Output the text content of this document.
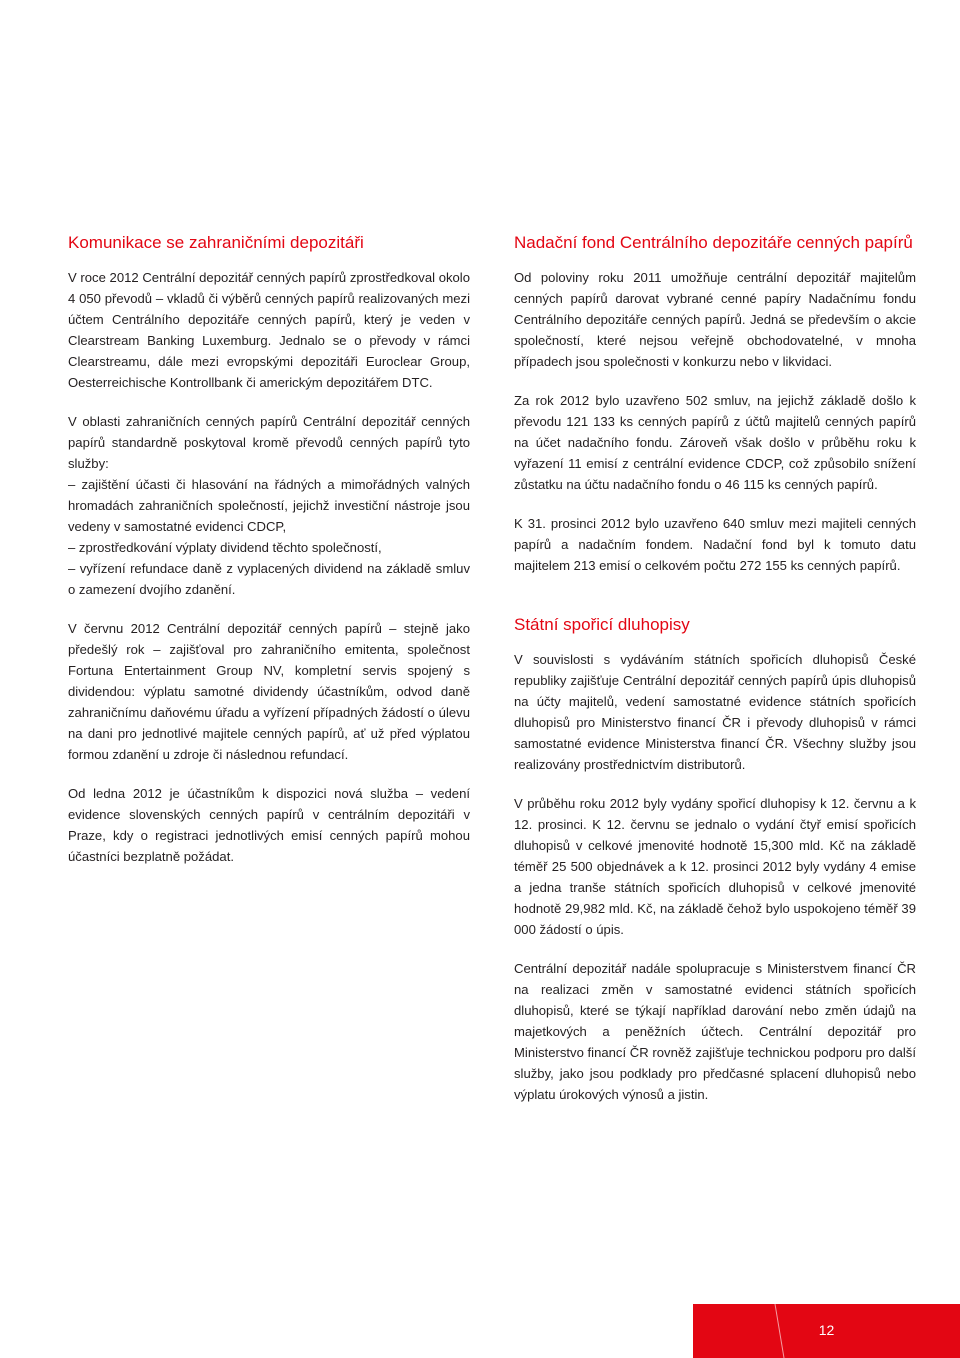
Komunikace se zahraničními depozitáři

V roce 2012 Centrální depozitář cenných papírů zprostředkoval okolo 4 050 převodů – vkladů či výběrů cenných papírů realizovaných mezi účtem Centrálního depozitáře cenných papírů, který je veden v Clearstream Banking Luxemburg. Jednalo se o převody v rámci Clearstreamu, dále mezi evropskými depozitáři Euroclear Group, Oesterreichische Kontrollbank či americkým depozitářem DTC.

V oblasti zahraničních cenných papírů Centrální depozitář cenných papírů standardně poskytoval kromě převodů cenných papírů tyto služby:

– zajištění účasti či hlasování na řádných a mimořádných valných hromadách zahraničních společností, jejichž investiční nástroje jsou vedeny v samostatné evidenci CDCP,
– zprostředkování výplaty dividend těchto společností,
– vyřízení refundace daně z vyplacených dividend na základě smluv o zamezení dvojího zdanění.

V červnu 2012 Centrální depozitář cenných papírů – stejně jako předešlý rok – zajišťoval pro zahraničního emitenta, společnost Fortuna Entertainment Group NV, kompletní servis spojený s dividendou: výplatu samotné dividendy účastníkům, odvod daně zahraničnímu daňovému úřadu a vyřízení případných žádostí o úlevu na dani pro jednotlivé majitele cenných papírů, ať už před výplatou formou zdanění u zdroje či následnou refundací.

Od ledna 2012 je účastníkům k dispozici nová služba – vedení evidence slovenských cenných papírů v centrálním depozitáři v Praze, kdy o registraci jednotlivých emisí cenných papírů mohou účastníci bezplatně požádat.

Nadační fond Centrálního depozitáře cenných papírů

Od poloviny roku 2011 umožňuje centrální depozitář majitelům cenných papírů darovat vybrané cenné papíry Nadačnímu fondu Centrálního depozitáře cenných papírů. Jedná se především o akcie společností, které nejsou veřejně obchodovatelné, v mnoha případech jsou společnosti v konkurzu nebo v likvidaci.

Za rok 2012 bylo uzavřeno 502 smluv, na jejichž základě došlo k převodu 121 133 ks cenných papírů z účtů majitelů cenných papírů na účet nadačního fondu. Zároveň však došlo v průběhu roku k vyřazení 11 emisí z centrální evidence CDCP, což způsobilo snížení zůstatku na účtu nadačního fondu o 46 115 ks cenných papírů.

K 31. prosinci 2012 bylo uzavřeno 640 smluv mezi majiteli cenných papírů a nadačním fondem. Nadační fond byl k tomuto datu majitelem 213 emisí o celkovém počtu 272 155 ks cenných papírů.

Státní spořicí dluhopisy

V souvislosti s vydáváním státních spořicích dluhopisů České republiky zajišťuje Centrální depozitář cenných papírů úpis dluhopisů na účty majitelů, vedení samostatné evidence státních spořicích dluhopisů pro Ministerstvo financí ČR i převody dluhopisů v rámci samostatné evidence Ministerstva financí ČR. Všechny služby jsou realizovány prostřednictvím distributorů.

V průběhu roku 2012 byly vydány spořicí dluhopisy k 12. červnu a k 12. prosinci. K 12. červnu se jednalo o vydání čtyř emisí spořicích dluhopisů v celkové jmenovité hodnotě 15,300 mld. Kč na základě téměř 25 500 objednávek a k 12. prosinci 2012 byly vydány 4 emise a jedna tranše státních spořicích dluhopisů v celkové jmenovité hodnotě 29,982 mld. Kč, na základě čehož bylo uspokojeno téměř 39 000 žádostí o úpis.

Centrální depozitář nadále spolupracuje s Ministerstvem financí ČR na realizaci změn v samostatné evidenci státních spořicích dluhopisů, které se týkají například darování nebo změn údajů na majetkových a peněžních účtech. Centrální depozitář pro Ministerstvo financí ČR rovněž zajišťuje technickou podporu pro další služby, jako jsou podklady pro předčasné splacení dluhopisů nebo výplatu úrokových výnosů a jistin.

12
